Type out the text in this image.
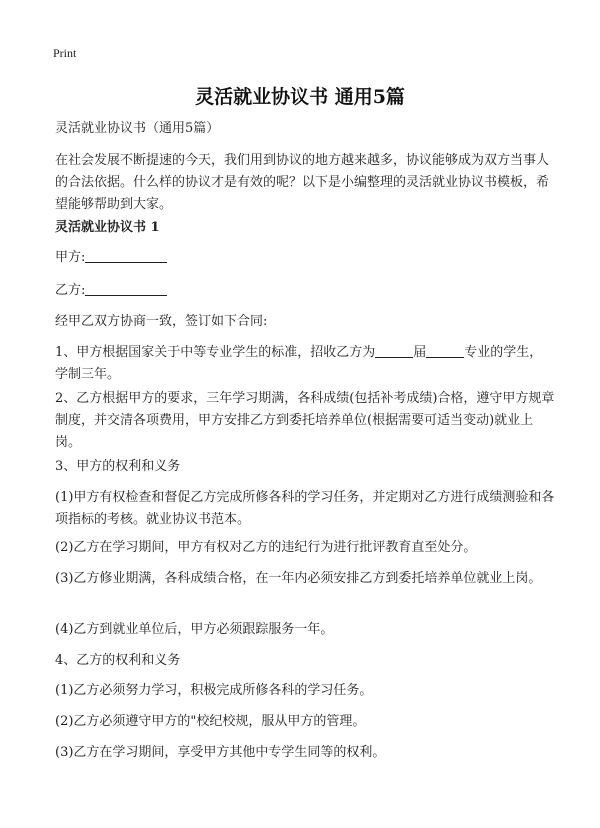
Print
灵活就业协议书 通用5篇
灵活就业协议书（通用5篇）
在社会发展不断提速的今天，我们用到协议的地方越来越多，协议能够成为双方当事人的合法依据。什么样的协议才是有效的呢？以下是小编整理的灵活就业协议书模板，希望能够帮助到大家。
灵活就业协议书 1
甲方:
乙方:
经甲乙双方协商一致，签订如下合同:
1、甲方根据国家关于中等专业学生的标准，招收乙方为	届	专业的学生，学制三年。
2、乙方根据甲方的要求，三年学习期满，各科成绩(包括补考成绩)合格，遵守甲方规章制度，并交清各项费用，甲方安排乙方到委托培养单位(根据需要可适当变动)就业上岗。
3、甲方的权利和义务
(1)甲方有权检查和督促乙方完成所修各科的学习任务，并定期对乙方进行成绩测验和各项指标的考核。就业协议书范本。
(2)乙方在学习期间，甲方有权对乙方的违纪行为进行批评教育直至处分。
(3)乙方修业期满，各科成绩合格，在一年内必须安排乙方到委托培养单位就业上岗。
(4)乙方到就业单位后，甲方必须跟踪服务一年。
4、乙方的权利和义务
(1)乙方必须努力学习，积极完成所修各科的学习任务。
(2)乙方必须遵守甲方的"校纪校规，服从甲方的管理。
(3)乙方在学习期间，享受甲方其他中专学生同等的权利。
